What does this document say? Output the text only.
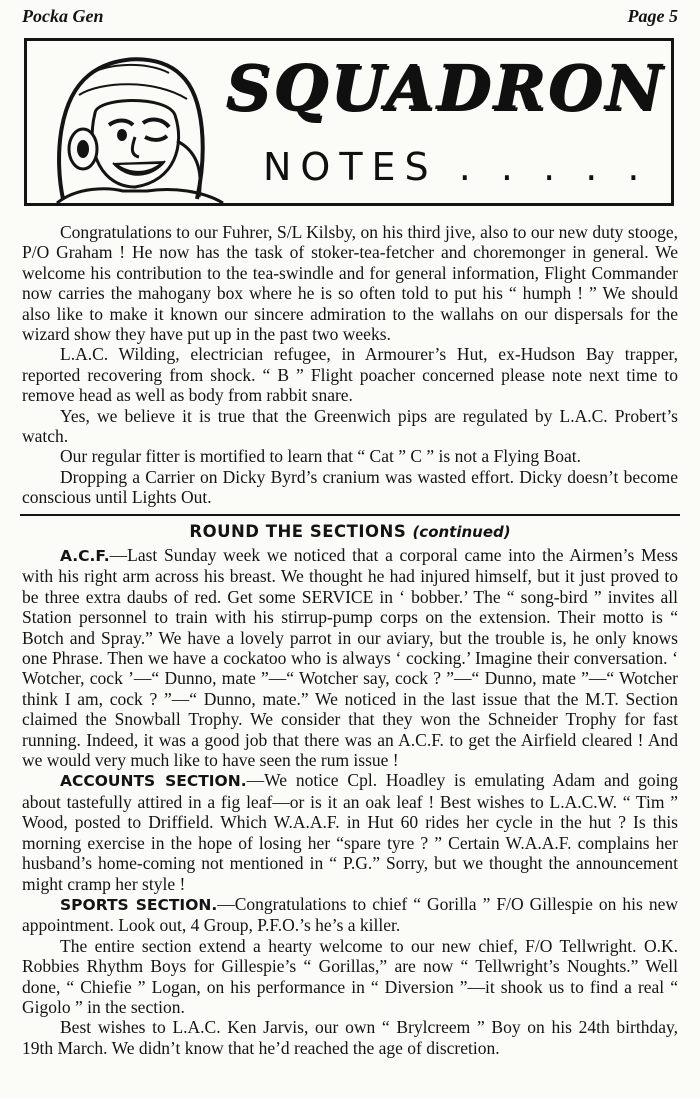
Pocka Gen	Page 5
SQUADRON
NOTES . . . . .

Congratulations to our Fuhrer, S/L Kilsby, on his third jive, also to our new duty stooge, P/O Graham ! He now has the task of stoker-tea-fetcher and choremonger in general. We welcome his contribution to the tea-swindle and for general information, Flight Commander now carries the mahogany box where he is so often told to put his “ humph ! ” We should also like to make it known our sincere admiration to the wallahs on our dispersals for the wizard show they have put up in the past two weeks.

L.A.C. Wilding, electrician refugee, in Armourer’s Hut, ex-Hudson Bay trapper, reported recovering from shock. “ B ” Flight poacher concerned please note next time to remove head as well as body from rabbit snare.

Yes, we believe it is true that the Greenwich pips are regulated by L.A.C. Probert’s watch.

Our regular fitter is mortified to learn that “ Cat ” C ” is not a Flying Boat.

Dropping a Carrier on Dicky Byrd’s cranium was wasted effort. Dicky doesn’t become conscious until Lights Out.

ROUND THE SECTIONS (continued)

A.C.F.—Last Sunday week we noticed that a corporal came into the Airmen’s Mess with his right arm across his breast. We thought he had injured himself, but it just proved to be three extra daubs of red. Get some SERVICE in ‘ bobber.’ The “ song-bird ” invites all Station personnel to train with his stirrup-pump corps on the extension. Their motto is “ Botch and Spray.” We have a lovely parrot in our aviary, but the trouble is, he only knows one Phrase. Then we have a cockatoo who is always ‘ cocking.’ Imagine their conversation. ‘ Wotcher, cock ’—“ Dunno, mate ”—“ Wotcher say, cock ? ”—“ Dunno, mate ”—“ Wotcher think I am, cock ? ”—“ Dunno, mate.” We noticed in the last issue that the M.T. Section claimed the Snowball Trophy. We consider that they won the Schneider Trophy for fast running. Indeed, it was a good job that there was an A.C.F. to get the Airfield cleared ! And we would very much like to have seen the rum issue !

ACCOUNTS SECTION.—We notice Cpl. Hoadley is emulating Adam and going about tastefully attired in a fig leaf—or is it an oak leaf ! Best wishes to L.A.C.W. “ Tim ” Wood, posted to Driffield. Which W.A.A.F. in Hut 60 rides her cycle in the hut ? Is this morning exercise in the hope of losing her “spare tyre ? ” Certain W.A.A.F. complains her husband’s home-coming not mentioned in “ P.G.” Sorry, but we thought the announcement might cramp her style !

SPORTS SECTION.—Congratulations to chief “ Gorilla ” F/O Gillespie on his new appointment. Look out, 4 Group, P.F.O.’s he’s a killer.

The entire section extend a hearty welcome to our new chief, F/O Tellwright. O.K. Robbies Rhythm Boys for Gillespie’s “ Gorillas,” are now “ Tellwright’s Noughts.” Well done, “ Chiefie ” Logan, on his performance in “ Diversion ”—it shook us to find a real “ Gigolo ” in the section.

Best wishes to L.A.C. Ken Jarvis, our own “ Brylcreem ” Boy on his 24th birthday, 19th March. We didn’t know that he’d reached the age of discretion.
